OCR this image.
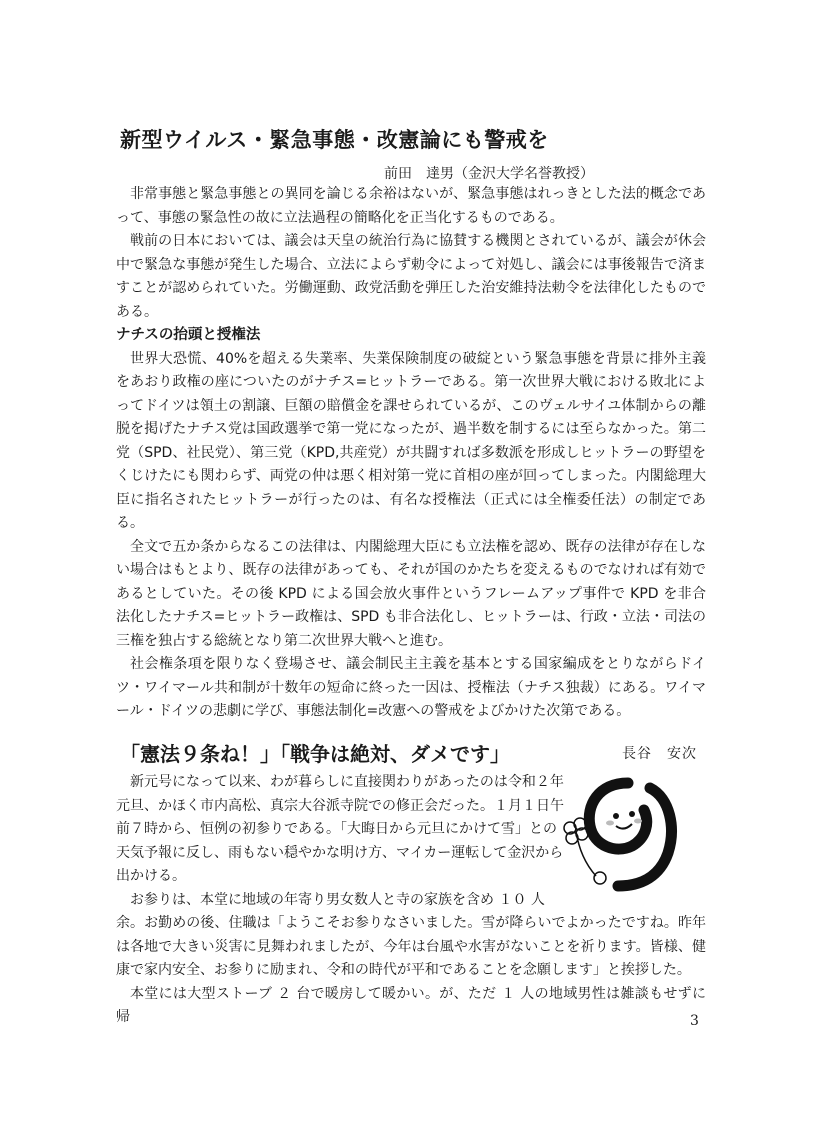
新型ウイルス・緊急事態・改憲論にも警戒を
前田　達男（金沢大学名誉教授）

非常事態と緊急事態との異同を論じる余裕はないが、緊急事態はれっきとした法的概念であって、事態の緊急性の故に立法過程の簡略化を正当化するものである。

戦前の日本においては、議会は天皇の統治行為に協賛する機関とされているが、議会が休会中で緊急な事態が発生した場合、立法によらず勅令によって対処し、議会には事後報告で済ますことが認められていた。労働運動、政党活動を弾圧した治安維持法勅令を法律化したものである。

ナチスの抬頭と授権法

世界大恐慌、40%を超える失業率、失業保険制度の破綻という緊急事態を背景に排外主義をあおり政権の座についたのがナチス=ヒットラーである。第一次世界大戦における敗北によってドイツは領土の割譲、巨額の賠償金を課せられているが、このヴェルサイユ体制からの離脱を掲げたナチス党は国政選挙で第一党になったが、過半数を制するには至らなかった。第二党（SPD、社民党）、第三党（KPD,共産党）が共闘すれば多数派を形成しヒットラーの野望をくじけたにも関わらず、両党の仲は悪く相対第一党に首相の座が回ってしまった。内閣総理大臣に指名されたヒットラーが行ったのは、有名な授権法（正式には全権委任法）の制定である。

全文で五か条からなるこの法律は、内閣総理大臣にも立法権を認め、既存の法律が存在しない場合はもとより、既存の法律があっても、それが国のかたちを変えるものでなければ有効であるとしていた。その後 KPD による国会放火事件というフレームアップ事件で KPD を非合法化したナチス=ヒットラー政権は、SPD も非合法化し、ヒットラーは、行政・立法・司法の三権を独占する総統となり第二次世界大戦へと進む。

社会権条項を限りなく登場させ、議会制民主主義を基本とする国家編成をとりながらドイツ・ワイマール共和制が十数年の短命に終った一因は、授権法（ナチス独裁）にある。ワイマール・ドイツの悲劇に学び、事態法制化=改憲への警戒をよびかけた次第である。

「憲法９条ね！」「戦争は絶対、ダメです」	長谷　安次

新元号になって以来、わが暮らしに直接関わりがあったのは令和２年元旦、かほく市内高松、真宗大谷派寺院での修正会だった。１月１日午前７時から、恒例の初参りである。「大晦日から元旦にかけて雪」との天気予報に反し、雨もない穏やかな明け方、マイカー運転して金沢から出かける。

お参りは、本堂に地域の年寄り男女数人と寺の家族を含め １０ 人

余。お勤めの後、住職は「ようこそお参りなさいました。雪が降らいでよかったですね。昨年は各地で大きい災害に見舞われましたが、今年は台風や水害がないことを祈ります。皆様、健康で家内安全、お参りに励まれ、令和の時代が平和であることを念願します」と挨拶した。

本堂には大型ストーブ ２ 台で暖房して暖かい。が、ただ １ 人の地域男性は雑談もせずに帰	3
